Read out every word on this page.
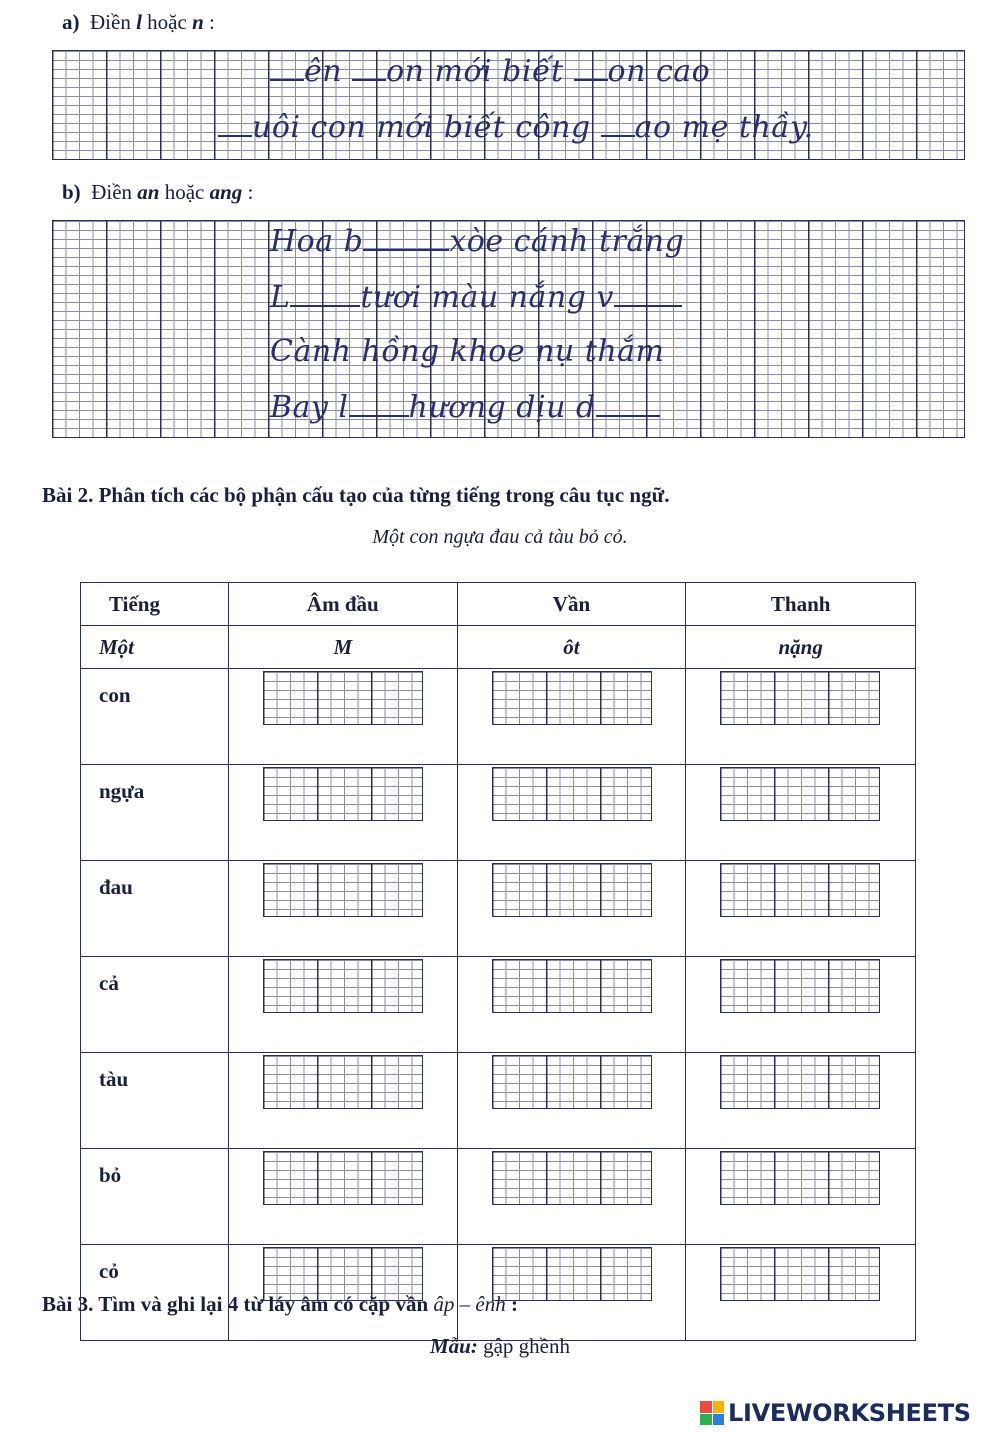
a) Điền l hoặc n :
ên on mới biết on cao
uôi con mới biết công ao mẹ thầy.
b) Điền an hoặc ang :
Hoa b	xòe cánh trắng
L tươi màu nắng v
Cành hồng khoe nụ thắm
Bay l hương dịu d
Bài 2. Phân tích các bộ phận cấu tạo của từng tiếng trong câu tục ngữ.
Một con ngựa đau cả tàu bỏ cỏ.
Tiếng	Âm đầu	Vần	Thanh
Một	M	ôt	nặng
con	

ngựa	

đau	

cả	

tàu	

bỏ	

cỏ	

Bài 3. Tìm và ghi lại 4 từ láy âm có cặp vần âp – ênh :
Mẫu: gập ghềnh
LIVEWORKSHEETS
